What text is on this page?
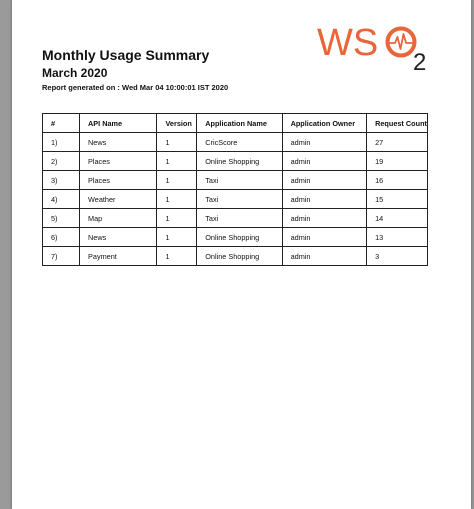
Monthly Usage Summary
March 2020
Report generated on : Wed Mar 04 10:00:01 IST 2020
WS 2
#	API Name	Version	Application Name	Application Owner	Request Count
1)	News	1	CricScore	admin	27
2)	Places	1	Online Shopping	admin	19
3)	Places	1	Taxi	admin	16
4)	Weather	1	Taxi	admin	15
5)	Map	1	Taxi	admin	14
6)	News	1	Online Shopping	admin	13
7)	Payment	1	Online Shopping	admin	3
